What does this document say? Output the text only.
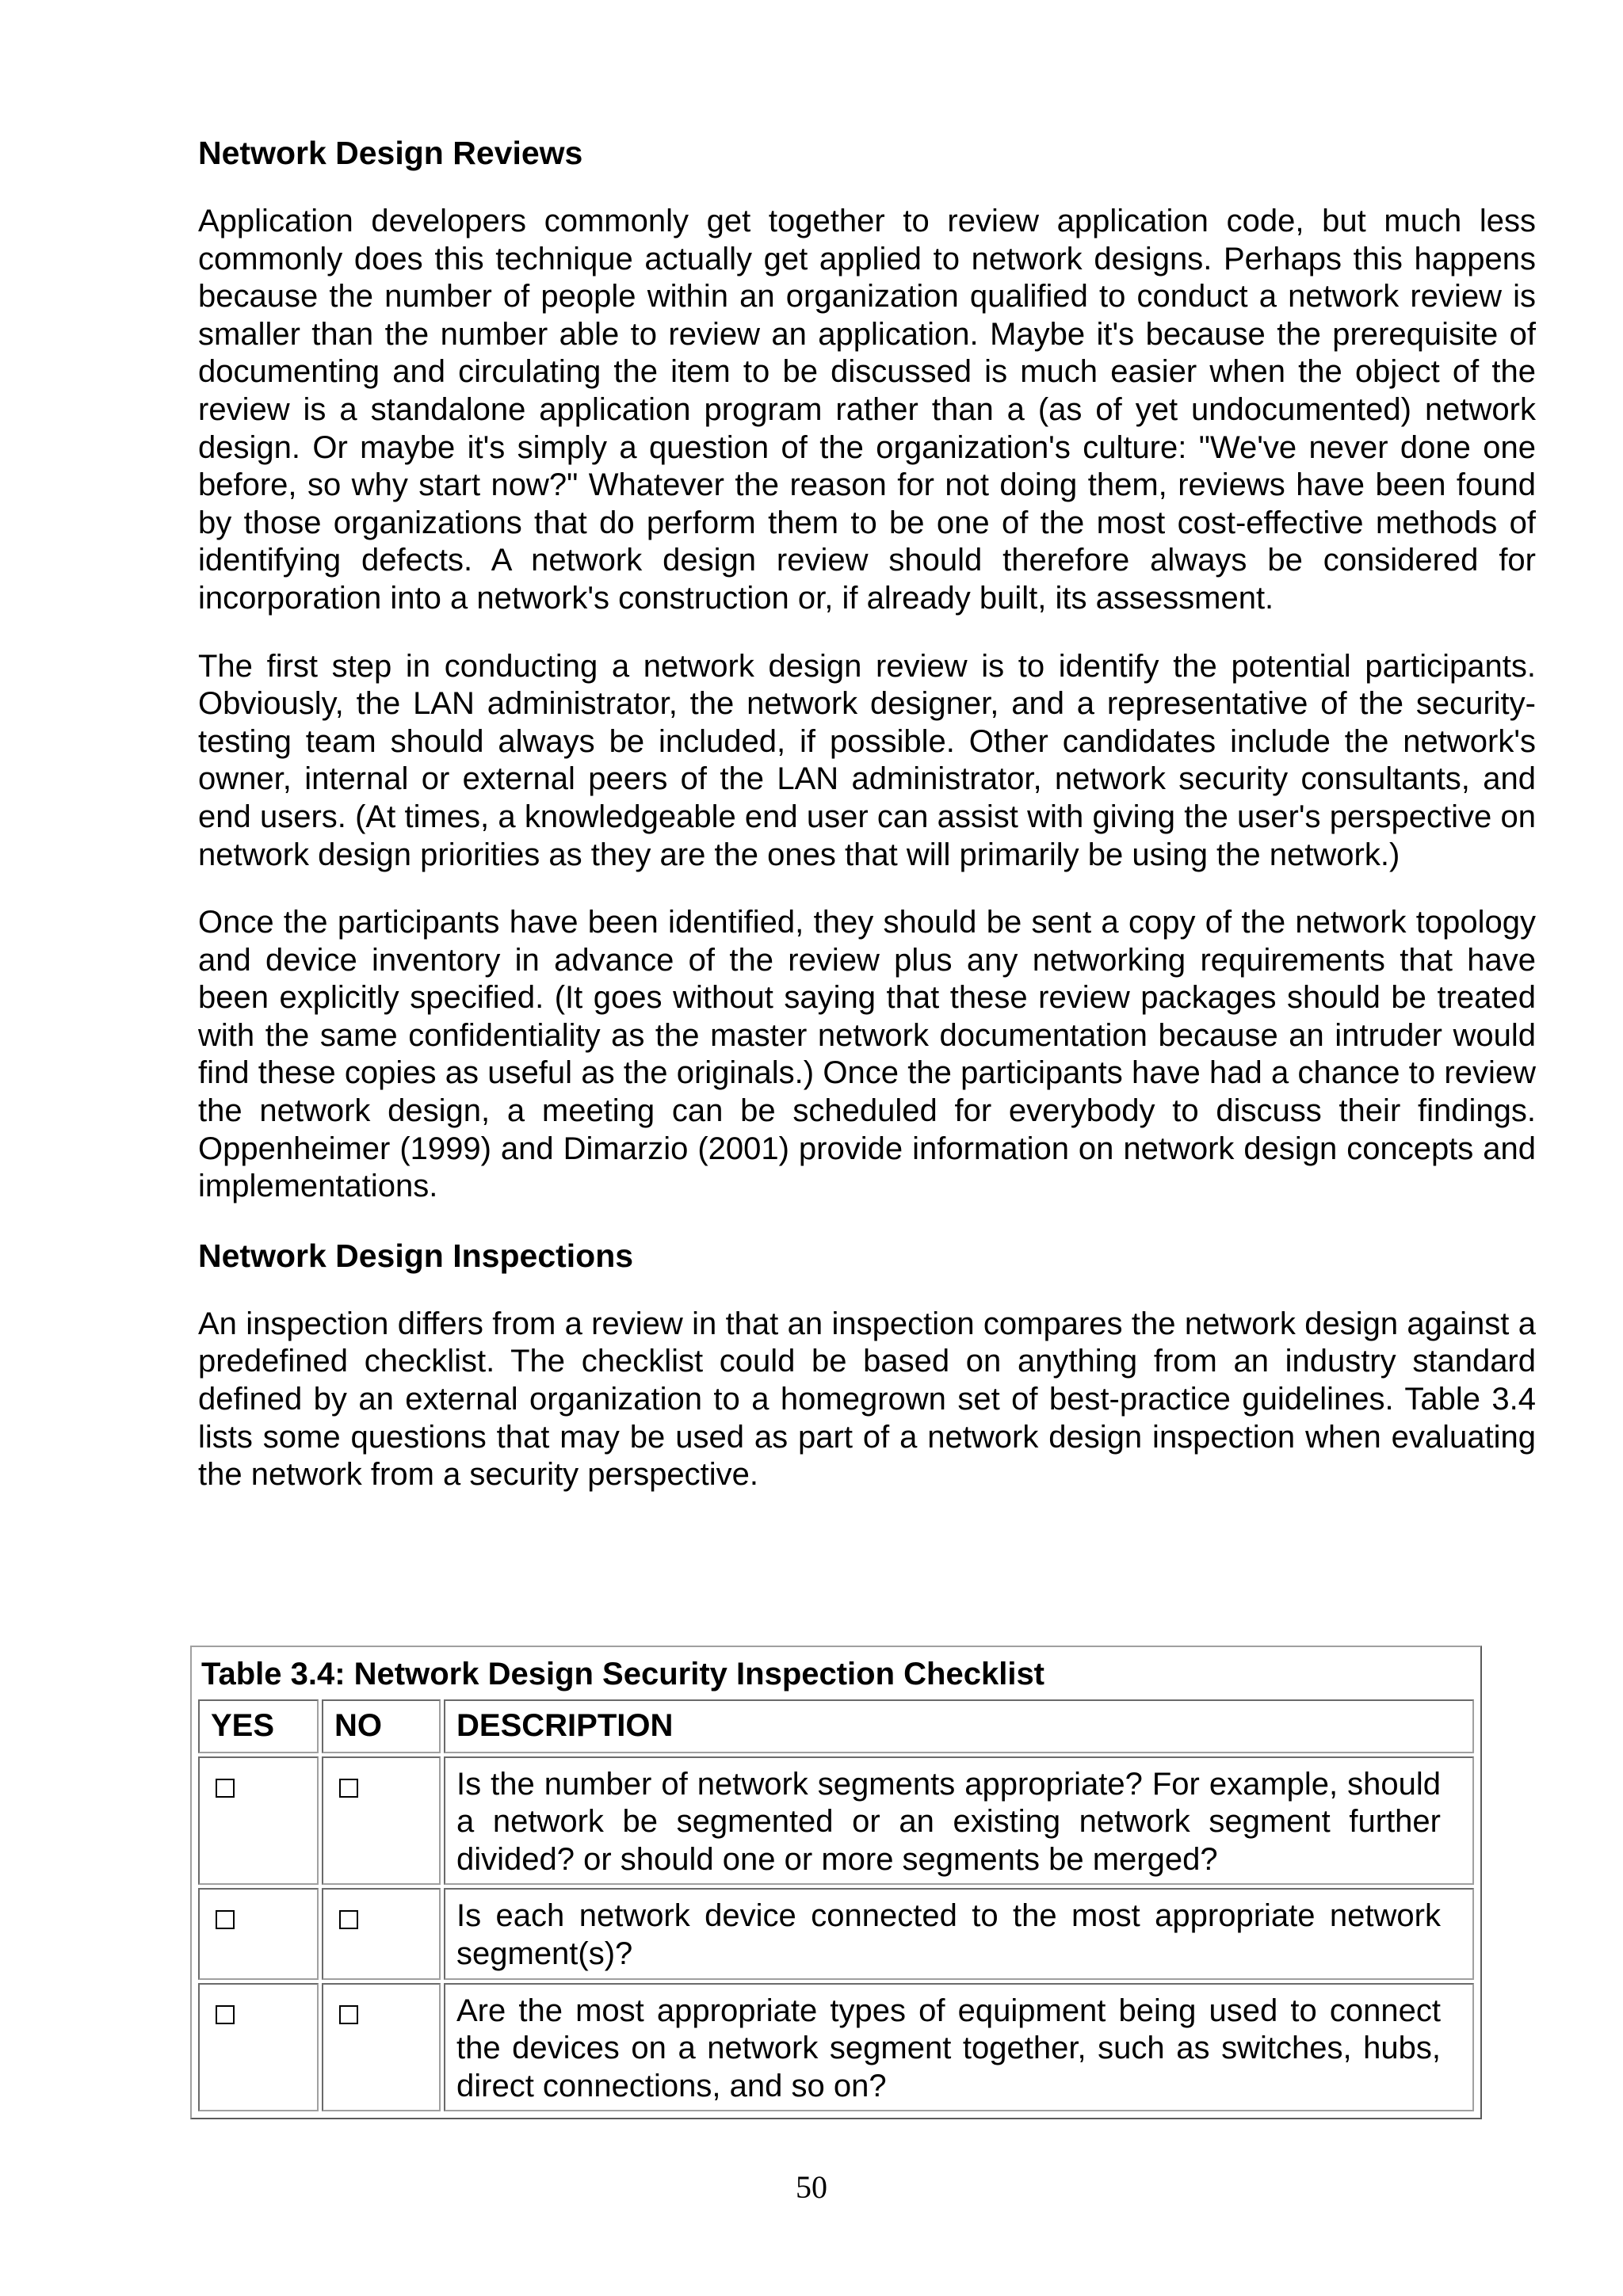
Network Design Reviews

Application developers commonly get together to review application code, but much less commonly does this technique actually get applied to network designs. Perhaps this happens because the number of people within an organization qualified to conduct a network review is smaller than the number able to review an application. Maybe it's because the prerequisite of documenting and circulating the item to be discussed is much easier when the object of the review is a standalone application program rather than a (as of yet undocumented) network design. Or maybe it's simply a question of the organization's culture: "We've never done one before, so why start now?" Whatever the reason for not doing them, reviews have been found by those organizations that do perform them to be one of the most cost-effective methods of identifying defects. A network design review should therefore always be considered for incorporation into a network's construction or, if already built, its assessment.

The first step in conducting a network design review is to identify the potential participants. Obviously, the LAN administrator, the network designer, and a representative of the security-testing team should always be included, if possible. Other candidates include the network's owner, internal or external peers of the LAN administrator, network security consultants, and end users. (At times, a knowledgeable end user can assist with giving the user's perspective on network design priorities as they are the ones that will primarily be using the network.)

Once the participants have been identified, they should be sent a copy of the network topology and device inventory in advance of the review plus any networking requirements that have been explicitly specified. (It goes without saying that these review packages should be treated with the same confidentiality as the master network documentation because an intruder would find these copies as useful as the originals.) Once the participants have had a chance to review the network design, a meeting can be scheduled for everybody to discuss their findings. Oppenheimer (1999) and Dimarzio (2001) provide information on network design concepts and implementations.

Network Design Inspections

An inspection differs from a review in that an inspection compares the network design against a predefined checklist. The checklist could be based on anything from an industry standard defined by an external organization to a homegrown set of best-practice guidelines. Table 3.4 lists some questions that may be used as part of a network design inspection when evaluating the network from a security perspective.

Table 3.4: Network Design Security Inspection Checklist
YES	NO	DESCRIPTION
		Is the number of network segments appropriate? For example, should a network be segmented or an existing network segment further divided? or should one or more segments be merged?
		Is each network device connected to the most appropriate network segment(s)?
		Are the most appropriate types of equipment being used to connect the devices on a network segment together, such as switches, hubs, direct connections, and so on?
50
